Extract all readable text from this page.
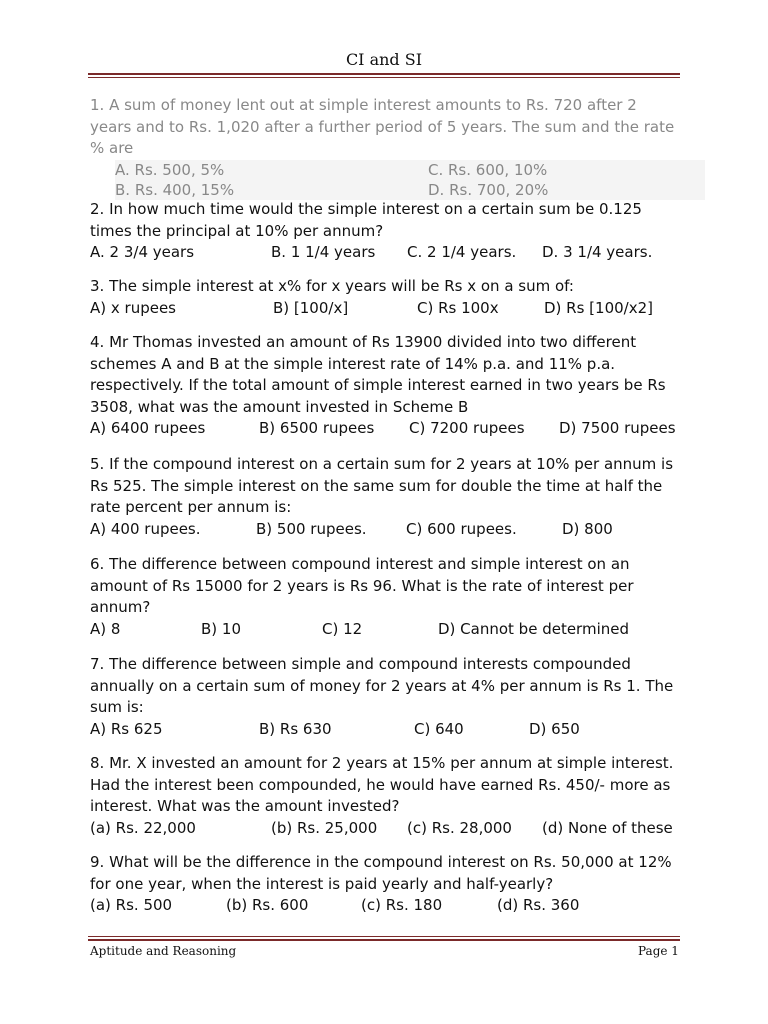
CI and SI

1. A sum of money lent out at simple interest amounts to Rs. 720 after 2 years and to Rs. 1,020 after a further period of 5 years. The sum and the rate % are

A. Rs. 500, 5%	C. Rs. 600, 10%
B. Rs. 400, 15%	D. Rs. 700, 20%

2. In how much time would the simple interest on a certain sum be 0.125 times the principal at 10% per annum?

A. 2 3/4 years	B. 1 1/4 years C. 2 1/4 years. D. 3 1/4 years.

3. The simple interest at x% for x years will be Rs x on a sum of:

A) x rupees	B) [100/x]	C) Rs 100x	D) Rs [100/x2]

4. Mr Thomas invested an amount of Rs 13900 divided into two different schemes A and B at the simple interest rate of 14% p.a. and 11% p.a. respectively. If the total amount of simple interest earned in two years be Rs 3508, what was the amount invested in Scheme B

A) 6400 rupees	B) 6500 rupees C) 7200 rupees D) 7500 rupees

5. If the compound interest on a certain sum for 2 years at 10% per annum is Rs 525. The simple interest on the same sum for double the time at half the rate percent per annum is:

A) 400 rupees.	B) 500 rupees.	C) 600 rupees.	D) 800

6. The difference between compound interest and simple interest on an amount of Rs 15000 for 2 years is Rs 96. What is the rate of interest per annum?

A) 8	B) 10	C) 12	D) Cannot be determined

7. The difference between simple and compound interests compounded annually on a certain sum of money for 2 years at 4% per annum is Rs 1. The sum is:

A) Rs 625	B) Rs 630	C) 640	D) 650

8. Mr. X invested an amount for 2 years at 15% per annum at simple interest. Had the interest been compounded, he would have earned Rs. 450/- more as interest. What was the amount invested?

(a) Rs. 22,000	(b) Rs. 25,000 (c) Rs. 28,000 (d) None of these

9. What will be the difference in the compound interest on Rs. 50,000 at 12% for one year, when the interest is paid yearly and half-yearly?

(a) Rs. 500	(b) Rs. 600	(c) Rs. 180	(d) Rs. 360
Aptitude and Reasoning	Page 1
